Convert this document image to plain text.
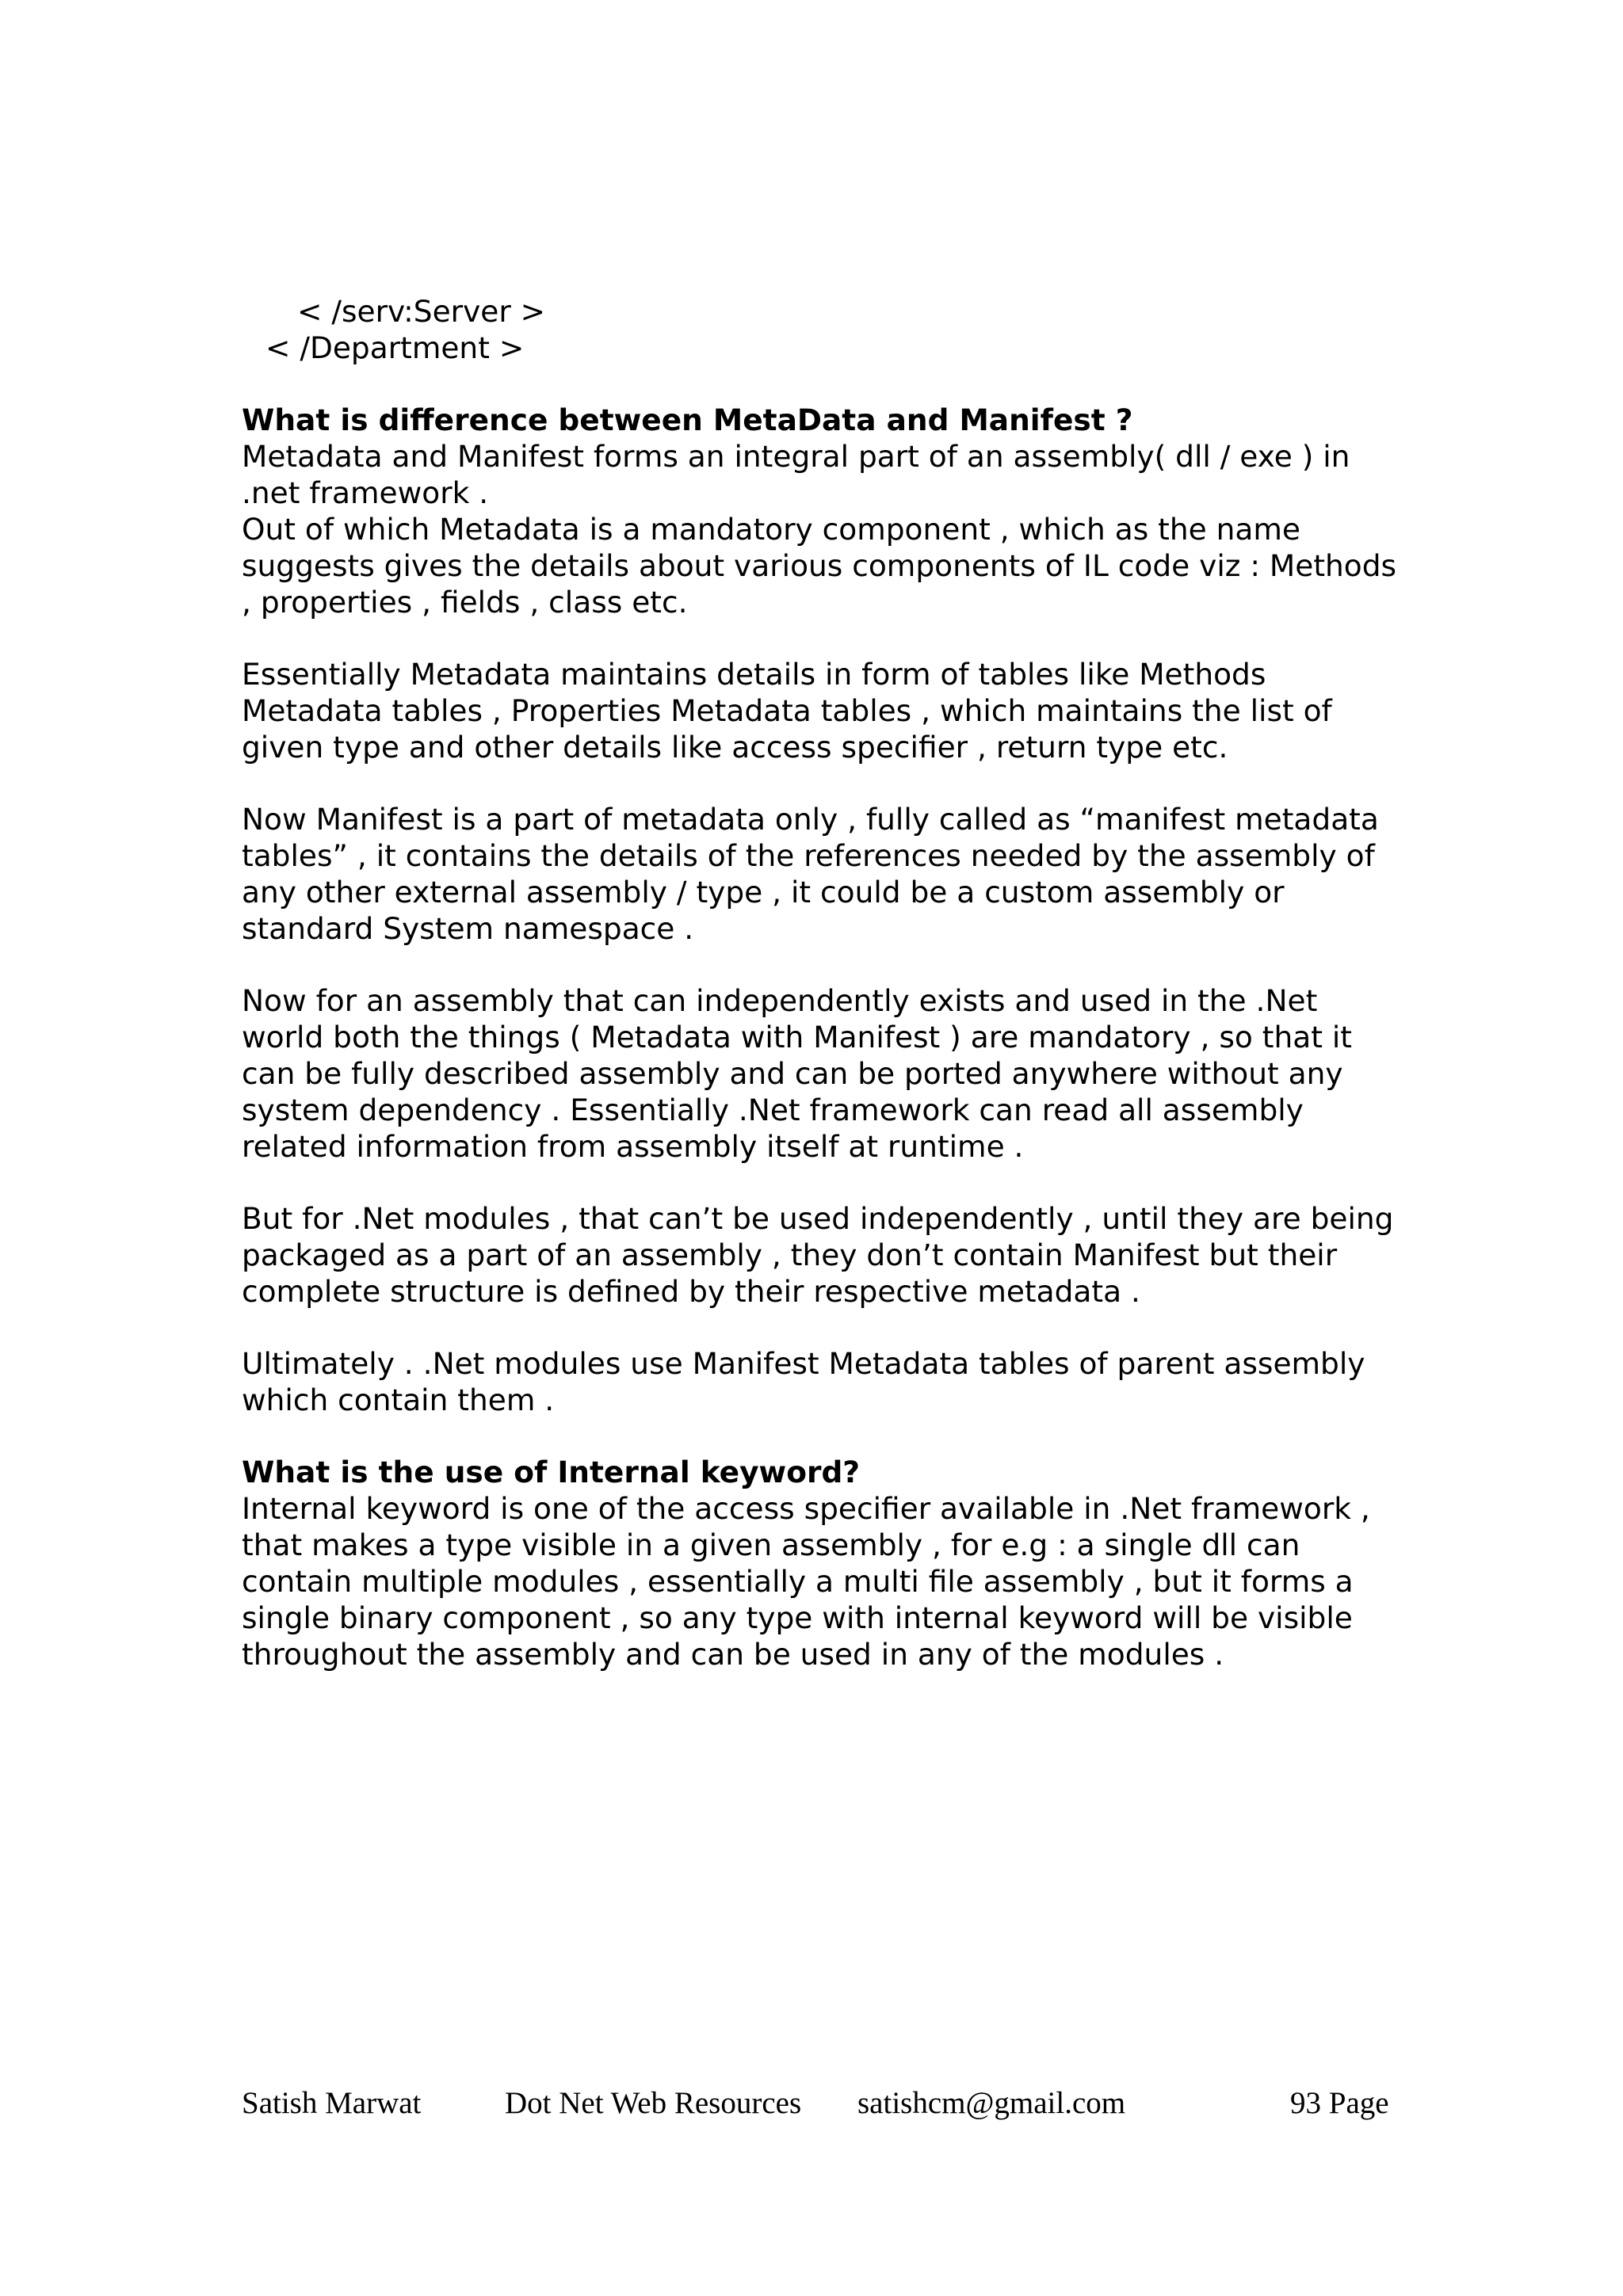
< /serv:Server >
< /Department >
What is difference between MetaData and Manifest ?
Metadata and Manifest forms an integral part of an assembly( dll / exe ) in
.net framework .
Out of which Metadata is a mandatory component , which as the name
suggests gives the details about various components of IL code viz : Methods
, properties , fields , class etc.
Essentially Metadata maintains details in form of tables like Methods
Metadata tables , Properties Metadata tables , which maintains the list of
given type and other details like access specifier , return type etc.
Now Manifest is a part of metadata only , fully called as “manifest metadata
tables” , it contains the details of the references needed by the assembly of
any other external assembly / type , it could be a custom assembly or
standard System namespace .
Now for an assembly that can independently exists and used in the .Net
world both the things ( Metadata with Manifest ) are mandatory , so that it
can be fully described assembly and can be ported anywhere without any
system dependency . Essentially .Net framework can read all assembly
related information from assembly itself at runtime .
But for .Net modules , that can’t be used independently , until they are being
packaged as a part of an assembly , they don’t contain Manifest but their
complete structure is defined by their respective metadata .
Ultimately . .Net modules use Manifest Metadata tables of parent assembly
which contain them .
What is the use of Internal keyword?
Internal keyword is one of the access specifier available in .Net framework ,
that makes a type visible in a given assembly , for e.g : a single dll can
contain multiple modules , essentially a multi file assembly , but it forms a
single binary component , so any type with internal keyword will be visible
throughout the assembly and can be used in any of the modules .
Satish Marwat	Dot Net Web Resources satishcm@gmail.com	93 Page
